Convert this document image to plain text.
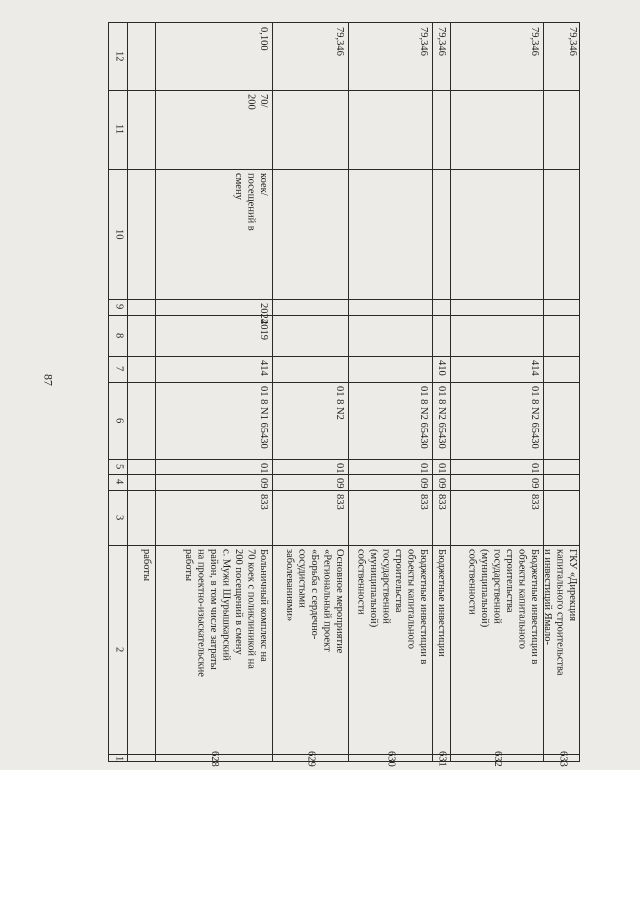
87
1
2
3
4
5
6
7
8
9
10
11
12
работы
628
Больничный комплекс на
70 коек с поликлиникой на
200 посещений в смену
с. Мужи Шурышкарский
район, в том числе затраты
на проектно-изыскательские
работы
833
09
01
01 8 N1 65430
414
2019
2024
коек/
посещений в
смену
70/
200
0,100
629
Основное мероприятие
«Региональный проект
«Борьба с сердечно-
сосудистыми
заболеваниями»
833
09
01
01 8 N2
79,346
630
Бюджетные инвестиции в
объекты капитального
строительства
государственной
(муниципальной)
собственности
833
09
01
01 8 N2 65430
79,346
631
Бюджетные инвестиции
833
09
01
01 8 N2 65430
410
79,346
632
Бюджетные инвестиции в
объекты капитального
строительства
государственной
(муниципальной)
собственности
833
09
01
01 8 N2 65430
414
79,346
633
ГКУ «Дирекция
капитального строительства
и инвестиций Ямало-
79,346
